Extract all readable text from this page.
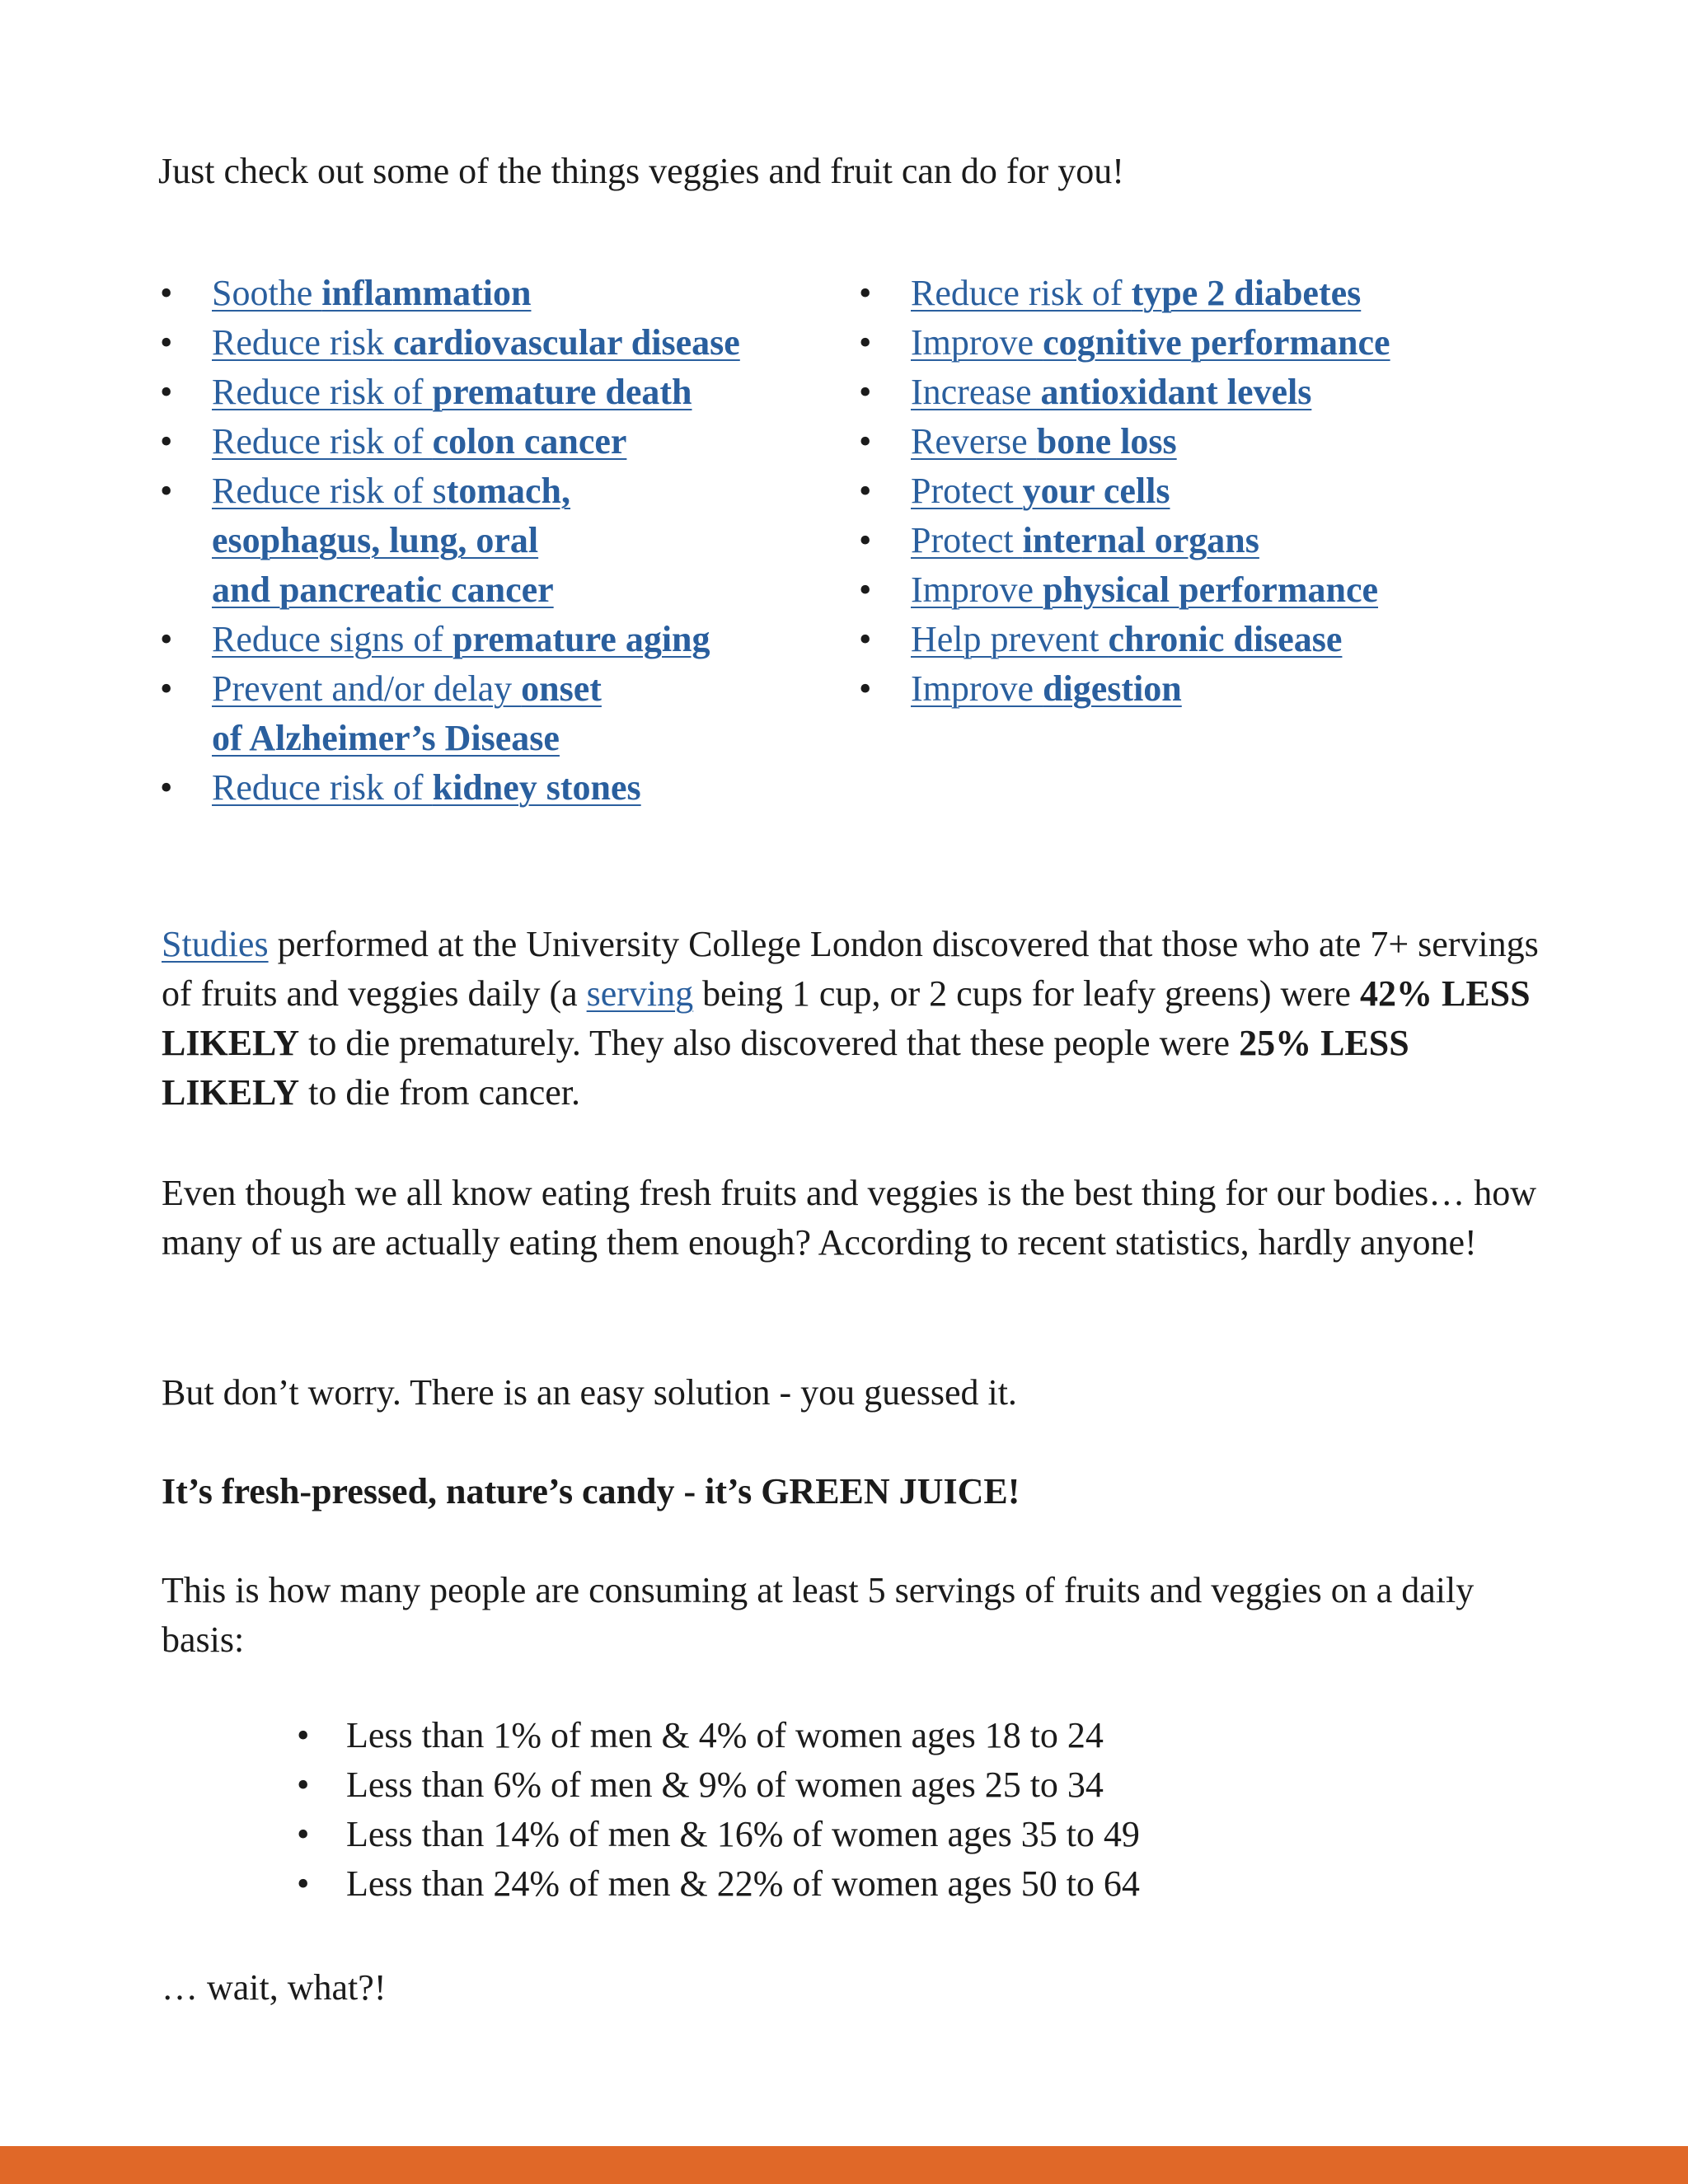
Just check out some of the things veggies and fruit can do for you!

• Soothe inflammation
• Reduce risk cardiovascular disease
• Reduce risk of premature death
• Reduce risk of colon cancer
• Reduce risk of stomach, esophagus, lung, oral and pancreatic cancer
• Reduce signs of premature aging
• Prevent and/or delay onset of Alzheimer’s Disease
• Reduce risk of kidney stones
• Reduce risk of type 2 diabetes
• Improve cognitive performance
• Increase antioxidant levels
• Reverse bone loss
• Protect your cells
• Protect internal organs
• Improve physical performance
• Help prevent chronic disease
• Improve digestion

Studies performed at the University College London discovered that those who ate 7+ servings of fruits and veggies daily (a serving being 1 cup, or 2 cups for leafy greens) were 42% LESS LIKELY to die prematurely. They also discovered that these people were 25% LESS LIKELY to die from cancer.

Even though we all know eating fresh fruits and veggies is the best thing for our bodies… how many of us are actually eating them enough? According to recent statistics, hardly anyone!

But don’t worry. There is an easy solution - you guessed it.

It’s fresh-pressed, nature’s candy - it’s GREEN JUICE!

This is how many people are consuming at least 5 servings of fruits and veggies on a daily basis:

• Less than 1% of men & 4% of women ages 18 to 24
• Less than 6% of men & 9% of women ages 25 to 34
• Less than 14% of men & 16% of women ages 35 to 49
• Less than 24% of men & 22% of women ages 50 to 64

… wait, what?!
